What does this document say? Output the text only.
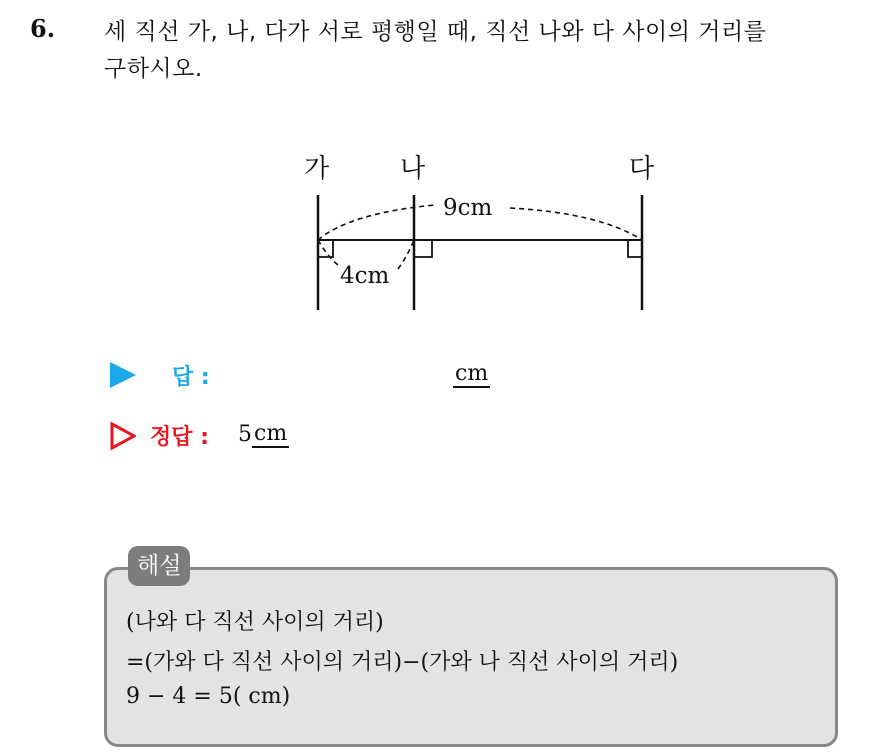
6. 세 직선 가, 나, 다가 서로 평행일 때, 직선 나와 다 사이의 거리를
구하시오.
가	나	다
9cm
4cm
답 :	cm
정답 : 5 cm
해설
(나와 다 직선 사이의 거리)
=(가와 다 직선 사이의 거리)−(가와 나 직선 사이의 거리)
9 − 4 = 5( cm)
